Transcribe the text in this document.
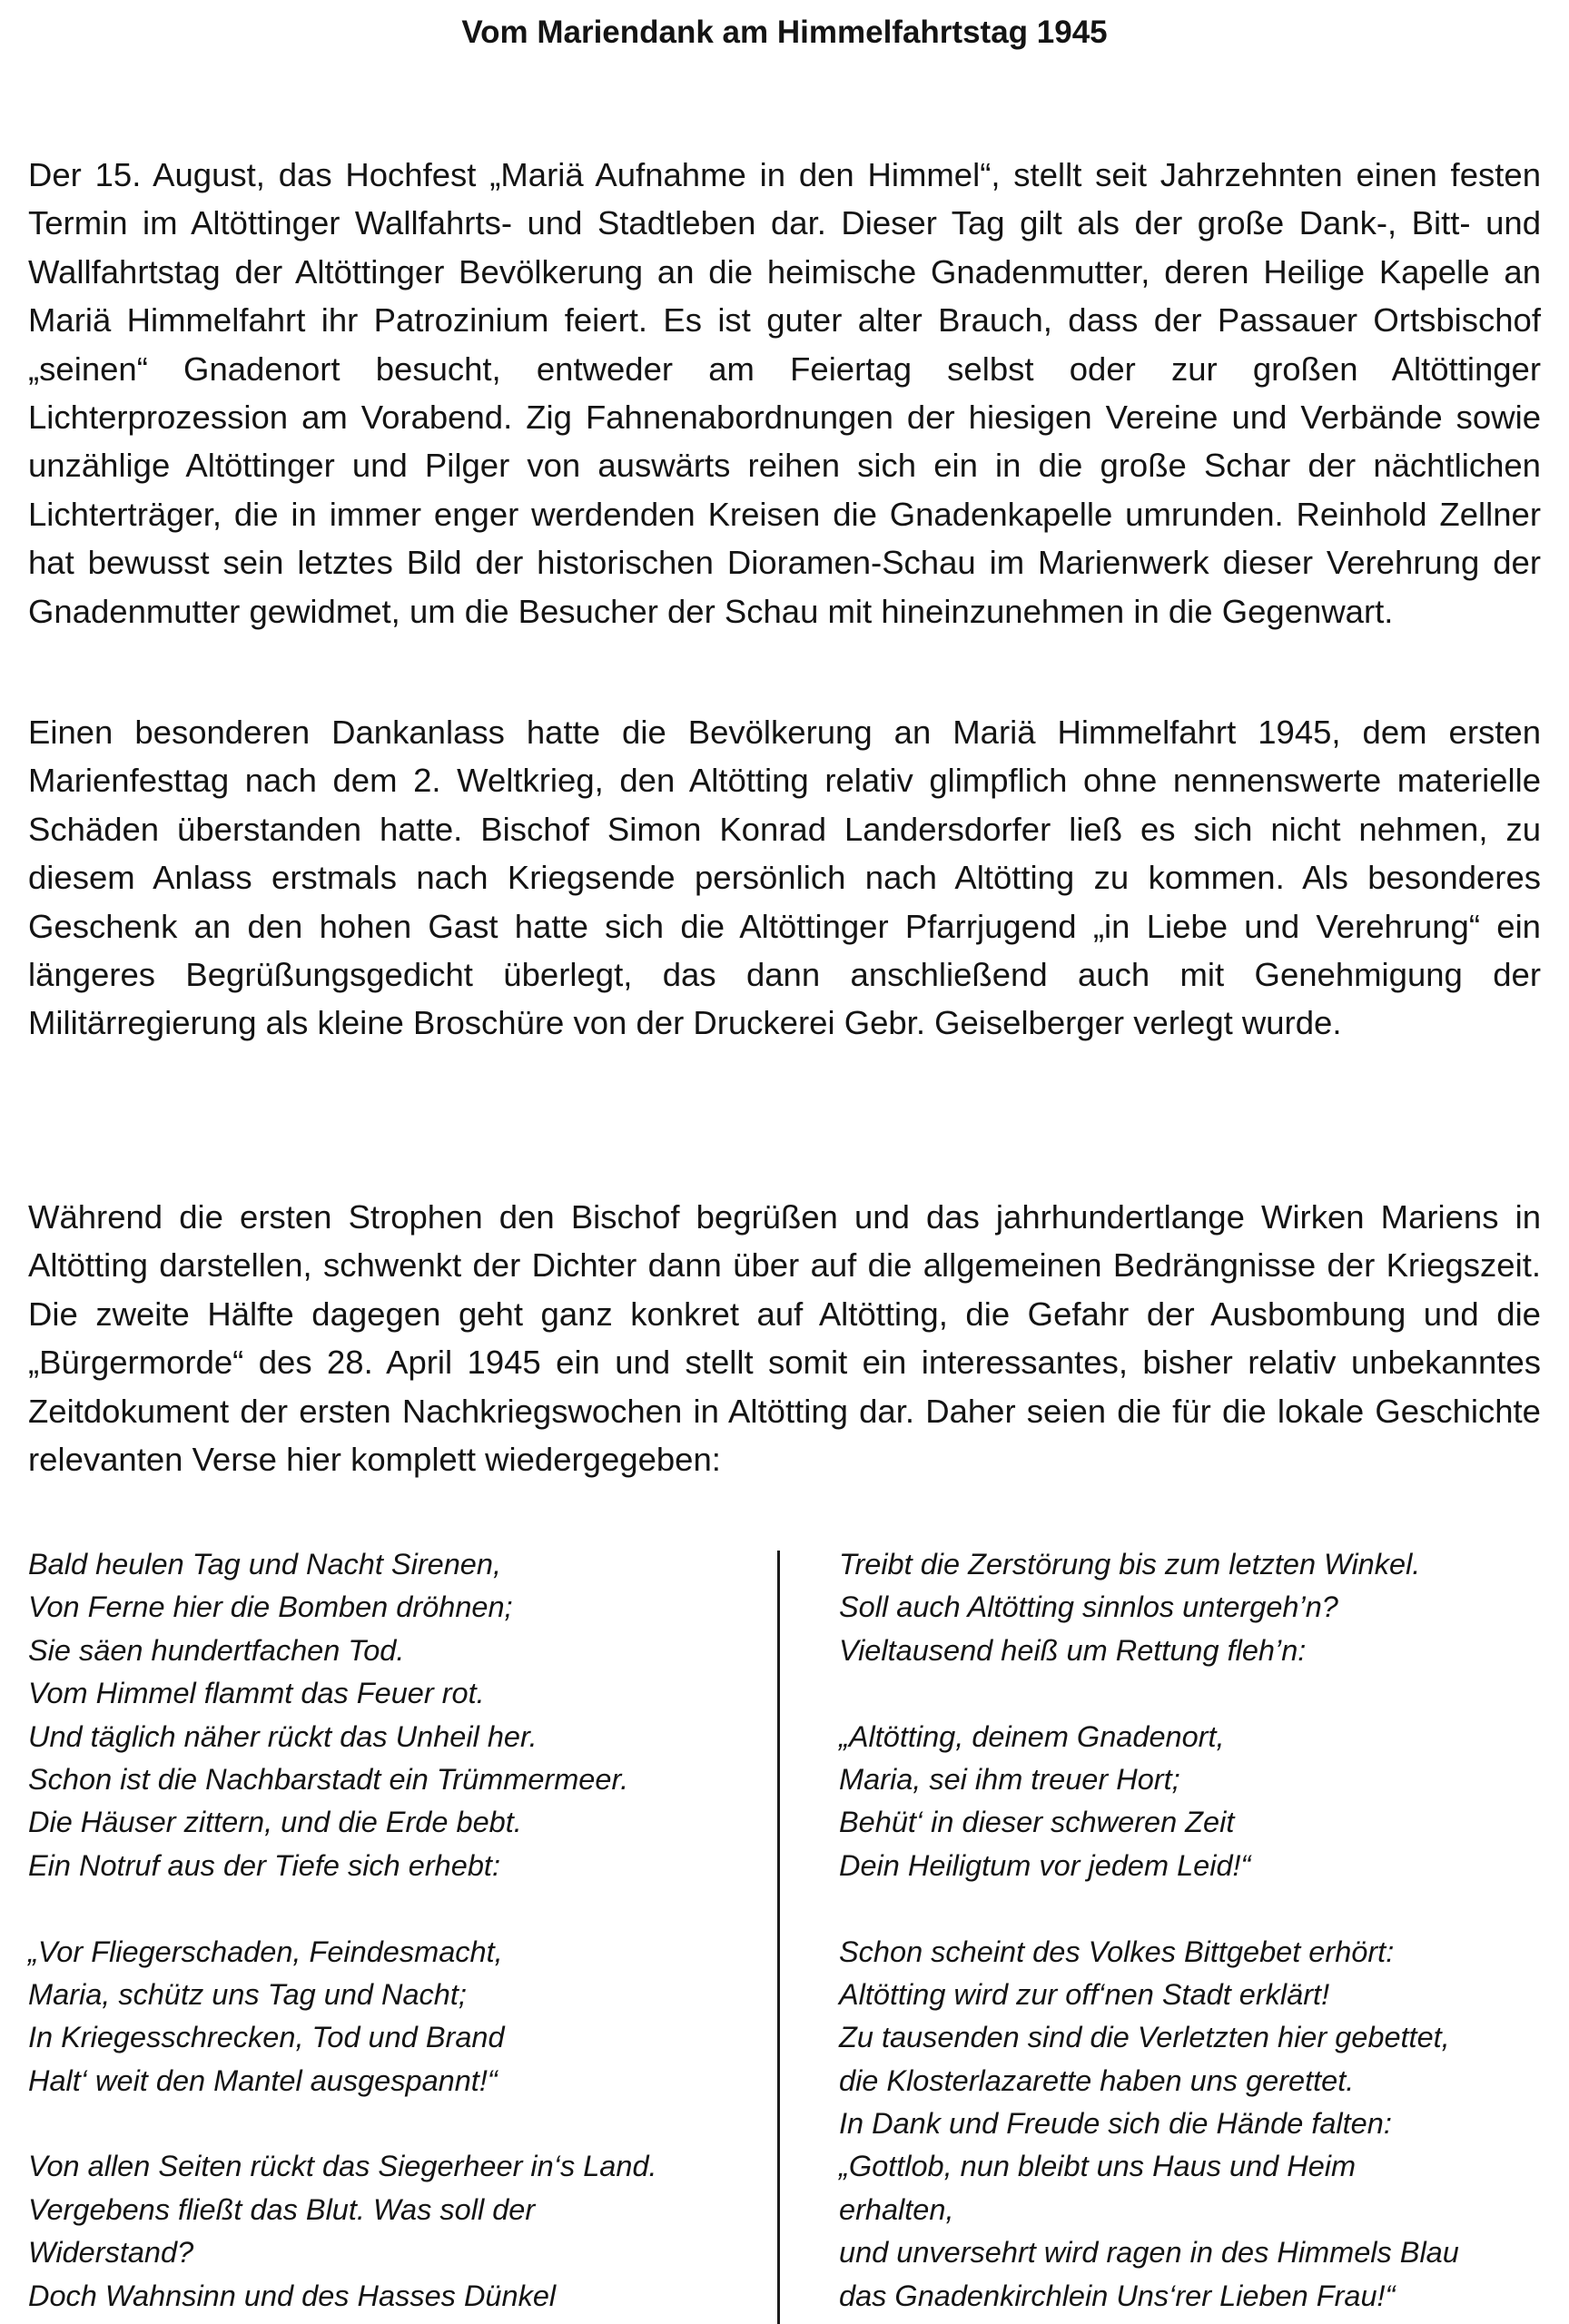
Vom Mariendank am Himmelfahrtstag 1945

Der 15. August, das Hochfest „Mariä Aufnahme in den Himmel“, stellt seit Jahrzehnten einen festen Termin im Altöttinger Wallfahrts- und Stadtleben dar. Dieser Tag gilt als der große Dank-, Bitt- und Wallfahrtstag der Altöttinger Bevölkerung an die heimische Gnadenmutter, deren Heilige Kapelle an Mariä Himmelfahrt ihr Patrozinium feiert. Es ist guter alter Brauch, dass der Passauer Ortsbischof „seinen“ Gnadenort besucht, entweder am Feiertag selbst oder zur großen Altöttinger Lichterprozession am Vorabend. Zig Fahnenabordnungen der hiesigen Vereine und Verbände sowie unzählige Altöttinger und Pilger von auswärts reihen sich ein in die große Schar der nächtlichen Lichterträger, die in immer enger werdenden Kreisen die Gnadenkapelle umrunden. Reinhold Zellner hat bewusst sein letztes Bild der historischen Dioramen-Schau im Marienwerk dieser Verehrung der Gnadenmutter gewidmet, um die Besucher der Schau mit hineinzunehmen in die Gegenwart.

Einen besonderen Dankanlass hatte die Bevölkerung an Mariä Himmelfahrt 1945, dem ersten Marienfesttag nach dem 2. Weltkrieg, den Altötting relativ glimpflich ohne nennenswerte materielle Schäden überstanden hatte. Bischof Simon Konrad Landersdorfer ließ es sich nicht nehmen, zu diesem Anlass erstmals nach Kriegsende persönlich nach Altötting zu kommen. Als besonderes Geschenk an den hohen Gast hatte sich die Altöttinger Pfarrjugend „in Liebe und Verehrung“ ein längeres Begrüßungsgedicht überlegt, das dann anschließend auch mit Genehmigung der Militärregierung als kleine Broschüre von der Druckerei Gebr. Geiselberger verlegt wurde.

Während die ersten Strophen den Bischof begrüßen und das jahrhundertlange Wirken Mariens in Altötting darstellen, schwenkt der Dichter dann über auf die allgemeinen Bedrängnisse der Kriegszeit. Die zweite Hälfte dagegen geht ganz konkret auf Altötting, die Gefahr der Ausbombung und die „Bürgermorde“ des 28. April 1945 ein und stellt somit ein interessantes, bisher relativ unbekanntes Zeitdokument der ersten Nachkriegswochen in Altötting dar. Daher seien die für die lokale Geschichte relevanten Verse hier komplett wiedergegeben:

Bald heulen Tag und Nacht Sirenen,
Von Ferne hier die Bomben dröhnen;
Sie säen hundertfachen Tod.
Vom Himmel flammt das Feuer rot.
Und täglich näher rückt das Unheil her.
Schon ist die Nachbarstadt ein Trümmermeer.
Die Häuser zittern, und die Erde bebt.
Ein Notruf aus der Tiefe sich erhebt:
„Vor Fliegerschaden, Feindesmacht,
Maria, schütz uns Tag und Nacht;
In Kriegesschrecken, Tod und Brand
Halt‘ weit den Mantel ausgespannt!“
Von allen Seiten rückt das Siegerheer in‘s Land.
Vergebens fließt das Blut. Was soll der
Widerstand?
Doch Wahnsinn und des Hasses Dünkel
Treibt die Zerstörung bis zum letzten Winkel.
Soll auch Altötting sinnlos untergeh’n?
Vieltausend heiß um Rettung fleh’n:
„Altötting, deinem Gnadenort,
Maria, sei ihm treuer Hort;
Behüt‘ in dieser schweren Zeit
Dein Heiligtum vor jedem Leid!“
Schon scheint des Volkes Bittgebet erhört:
Altötting wird zur off‘nen Stadt erklärt!
Zu tausenden sind die Verletzten hier gebettet,
die Klosterlazarette haben uns gerettet.
In Dank und Freude sich die Hände falten:
„Gottlob, nun bleibt uns Haus und Heim
erhalten,
und unversehrt wird ragen in des Himmels Blau
das Gnadenkirchlein Uns‘rer Lieben Frau!“
